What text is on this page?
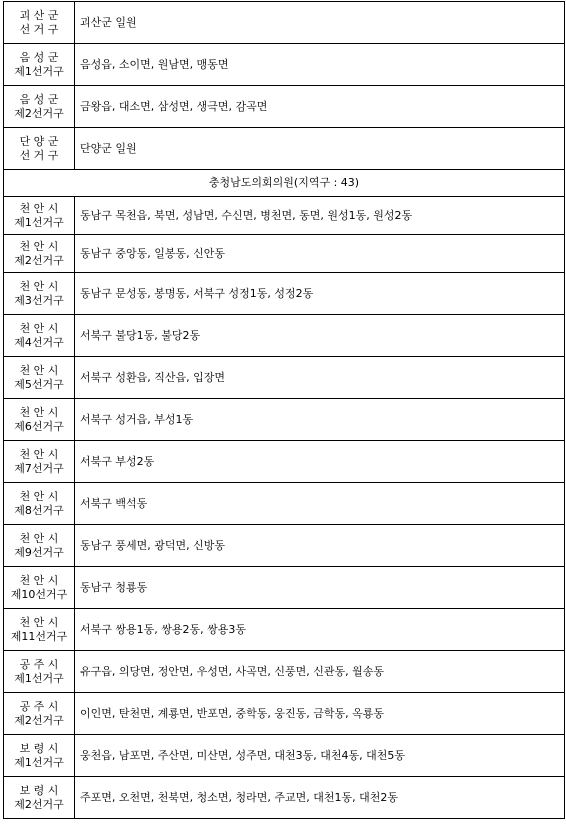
괴 산 군
선 거 구	괴산군 일원

음 성 군
제1선거구	음성읍, 소이면, 원남면, 맹동면

음 성 군
제2선거구	금왕읍, 대소면, 삼성면, 생극면, 감곡면

단 양 군
선 거 구	단양군 일원
충청남도의회의원(지역구 : 43)	

천 안 시
제1선거구	동남구 목천읍, 북면, 성남면, 수신면, 병천면, 동면, 원성1동, 원성2동

천 안 시
제2선거구	동남구 중앙동, 일봉동, 신안동

천 안 시
제3선거구	동남구 문성동, 봉명동, 서북구 성정1동, 성정2동

천 안 시
제4선거구	서북구 불당1동, 불당2동

천 안 시
제5선거구	서북구 성환읍, 직산읍, 입장면

천 안 시
제6선거구	서북구 성거읍, 부성1동

천 안 시
제7선거구	서북구 부성2동

천 안 시
제8선거구	서북구 백석동

천 안 시
제9선거구	동남구 풍세면, 광덕면, 신방동

천 안 시
제10선거구	동남구 청룡동

천 안 시
제11선거구	서북구 쌍용1동, 쌍용2동, 쌍용3동

공 주 시
제1선거구	유구읍, 의당면, 정안면, 우성면, 사곡면, 신풍면, 신관동, 월송동

공 주 시
제2선거구	이인면, 탄천면, 계룡면, 반포면, 중학동, 웅진동, 금학동, 옥룡동

보 령 시
제1선거구	웅천읍, 남포면, 주산면, 미산면, 성주면, 대천3동, 대천4동, 대천5동

보 령 시
제2선거구	주포면, 오천면, 천북면, 청소면, 청라면, 주교면, 대천1동, 대천2동
